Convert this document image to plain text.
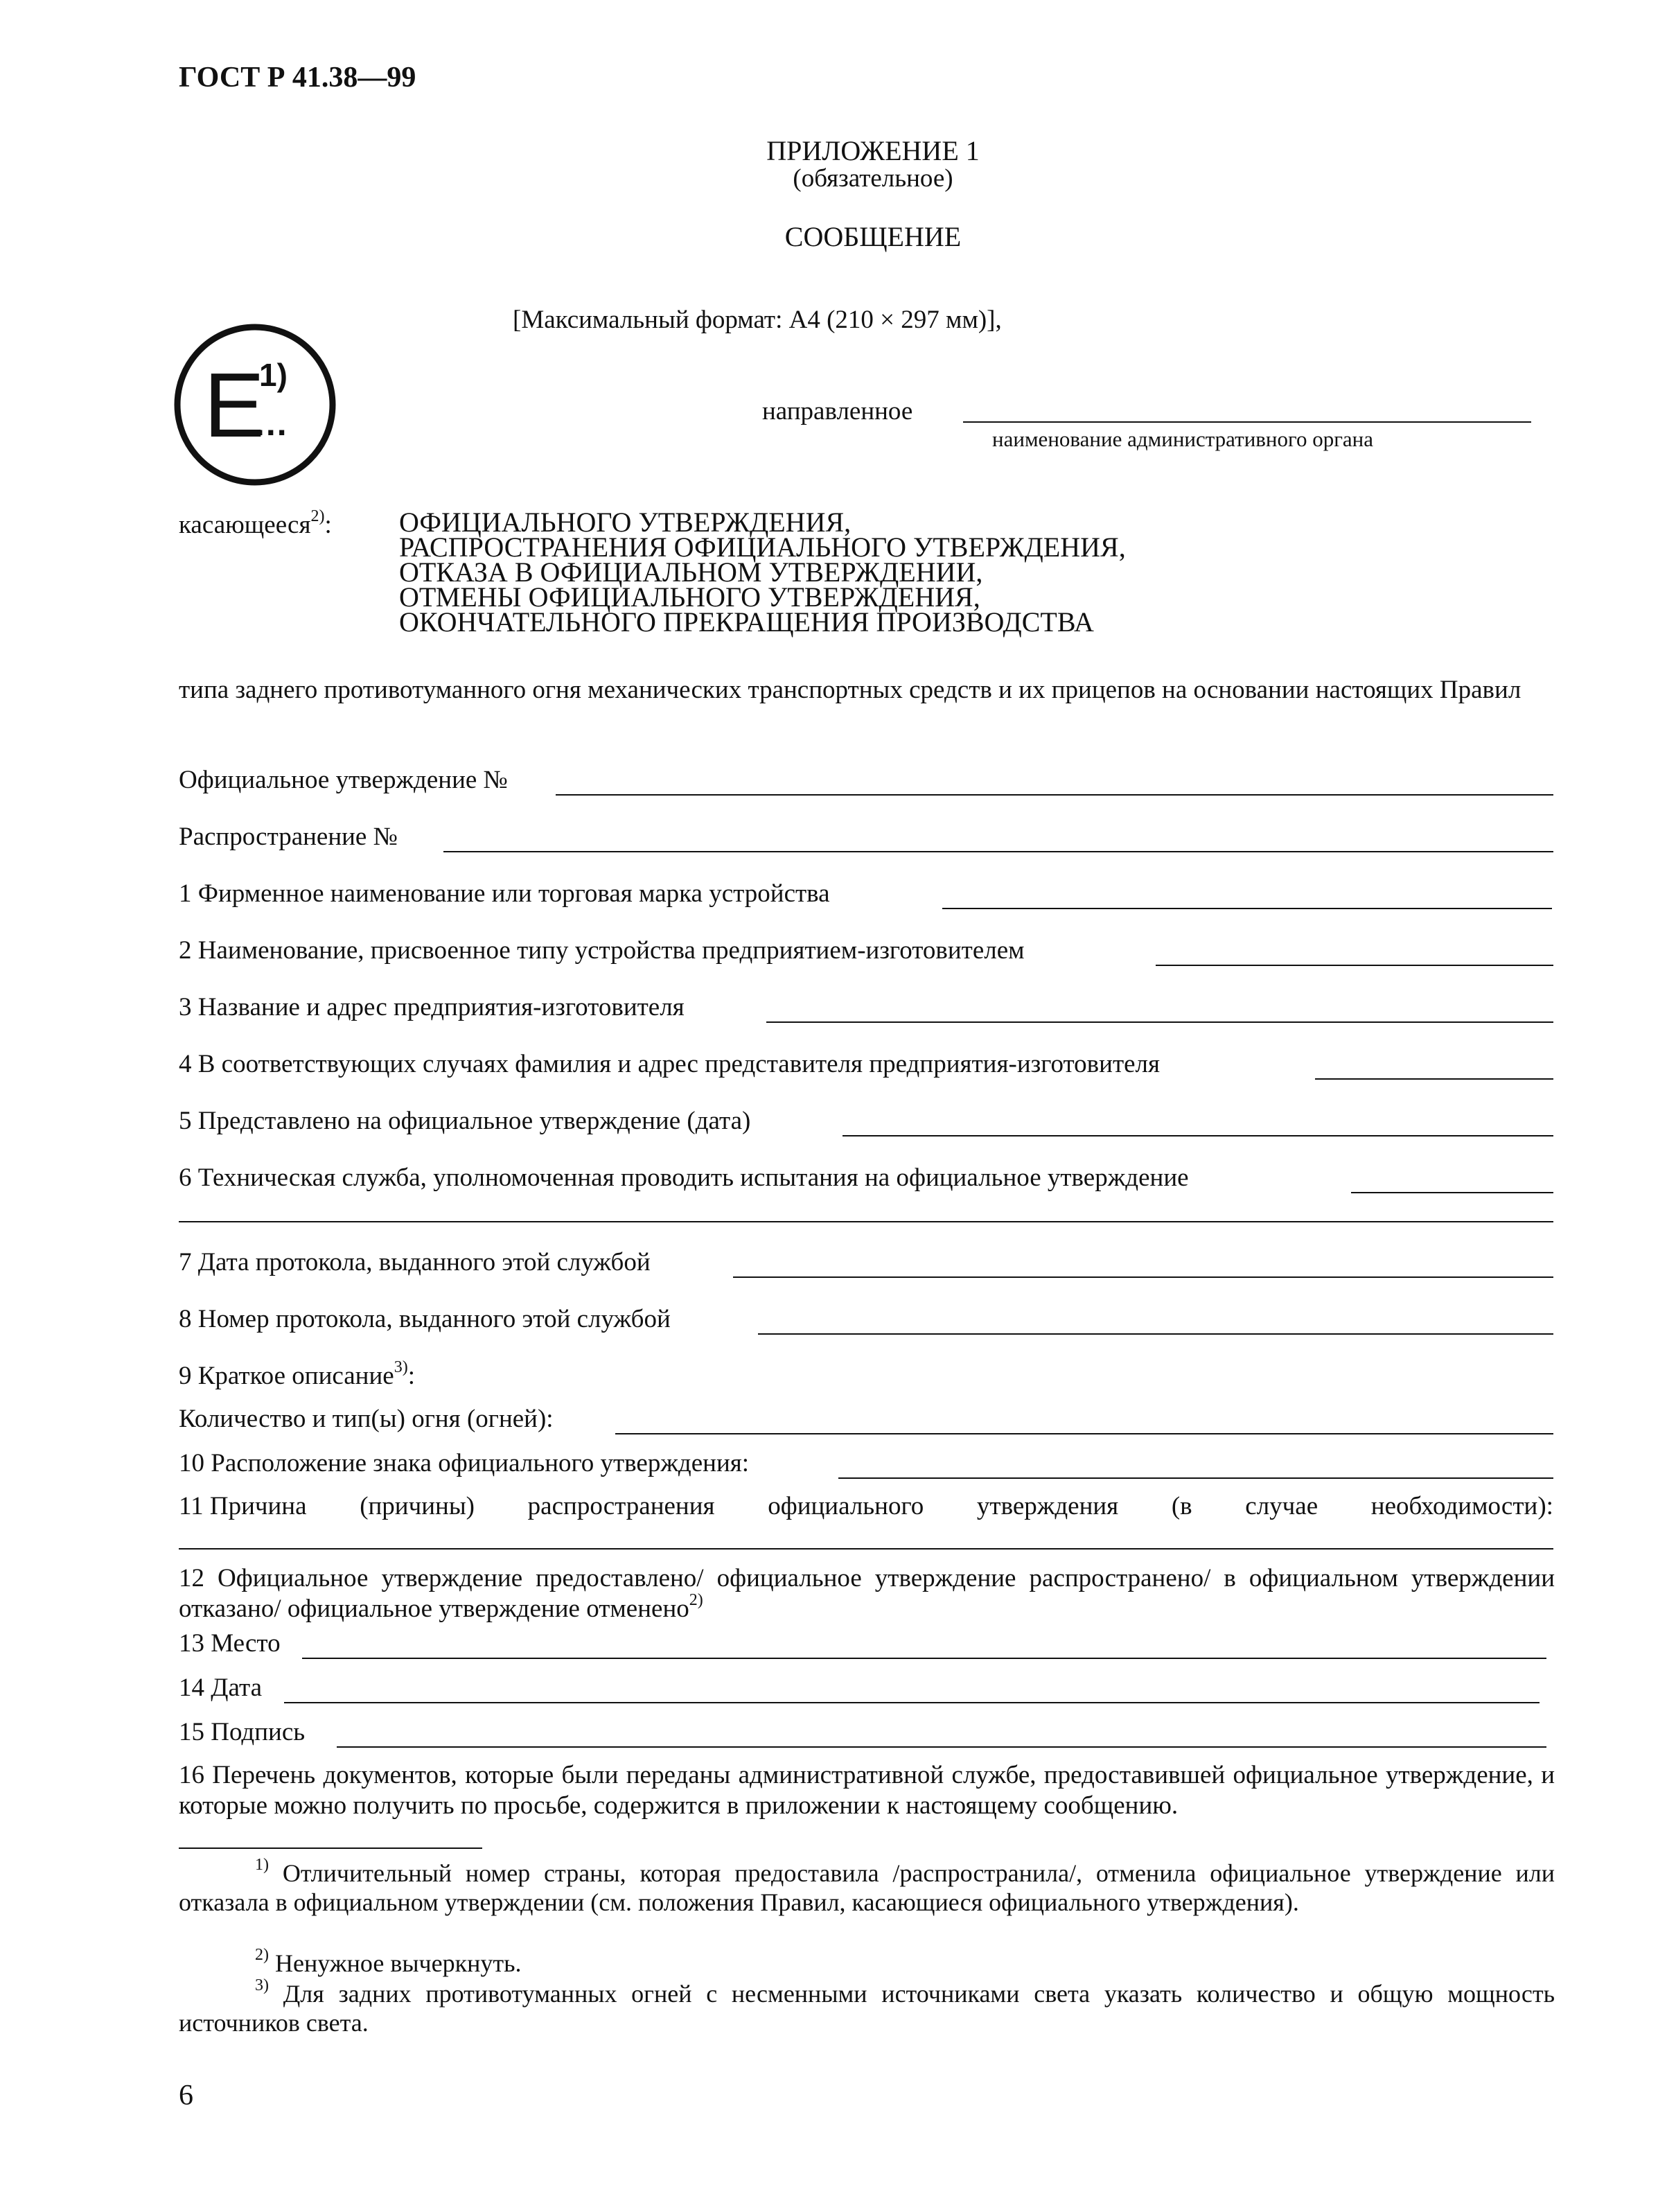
ГОСТ Р 41.38—99
ПРИЛОЖЕНИЕ 1
(обязательное)
СООБЩЕНИЕ
[Максимальный формат: А4 (210 × 297 мм)],
E
1)
...	направленное
наименование административного органа
касающееся$^{2)}$: ОФИЦИАЛЬНОГО УТВЕРЖДЕНИЯ,
РАСПРОСТРАНЕНИЯ ОФИЦИАЛЬНОГО УТВЕРЖДЕНИЯ,
ОТКАЗА В ОФИЦИАЛЬНОМ УТВЕРЖДЕНИИ,
ОТМЕНЫ ОФИЦИАЛЬНОГО УТВЕРЖДЕНИЯ,
ОКОНЧАТЕЛЬНОГО ПРЕКРАЩЕНИЯ ПРОИЗВОДСТВА
типа заднего противотуманного огня механических транспортных средств и их прицепов на основании настоящих Правил
Официальное утверждение №
Распространение №
1 Фирменное наименование или торговая марка устройства
2 Наименование, присвоенное типу устройства предприятием-изготовителем
3 Название и адрес предприятия-изготовителя
4 В соответствующих случаях фамилия и адрес представителя предприятия-изготовителя
5 Представлено на официальное утверждение (дата)
6 Техническая служба, уполномоченная проводить испытания на официальное утверждение
7 Дата протокола, выданного этой службой
8 Номер протокола, выданного этой службой
9 Краткое описание$^{3)}$:
Количество и тип(ы) огня (огней):
10 Расположение знака официального утверждения:
11 Причина (причины) распространения официального утверждения (в случае необходимости):
12 Официальное утверждение предоставлено/ официальное утверждение распространено/ в официальном утверждении отказано/ официальное утверждение отменено$^{2)}$
13 Место
14 Дата
15 Подпись
16 Перечень документов, которые были переданы административной службе, предоставившей официальное утверждение, и которые можно получить по просьбе, содержится в приложении к настоящему сообщению.
$^{1)}$ Отличительный номер страны, которая предоставила /распространила/, отменила официальное утверждение или отказала в официальном утверждении (см. положения Правил, касающиеся официального утверждения).
$^{2)}$ Ненужное вычеркнуть.
$^{3)}$ Для задних противотуманных огней с несменными источниками света указать количество и общую мощность источников света.
6
